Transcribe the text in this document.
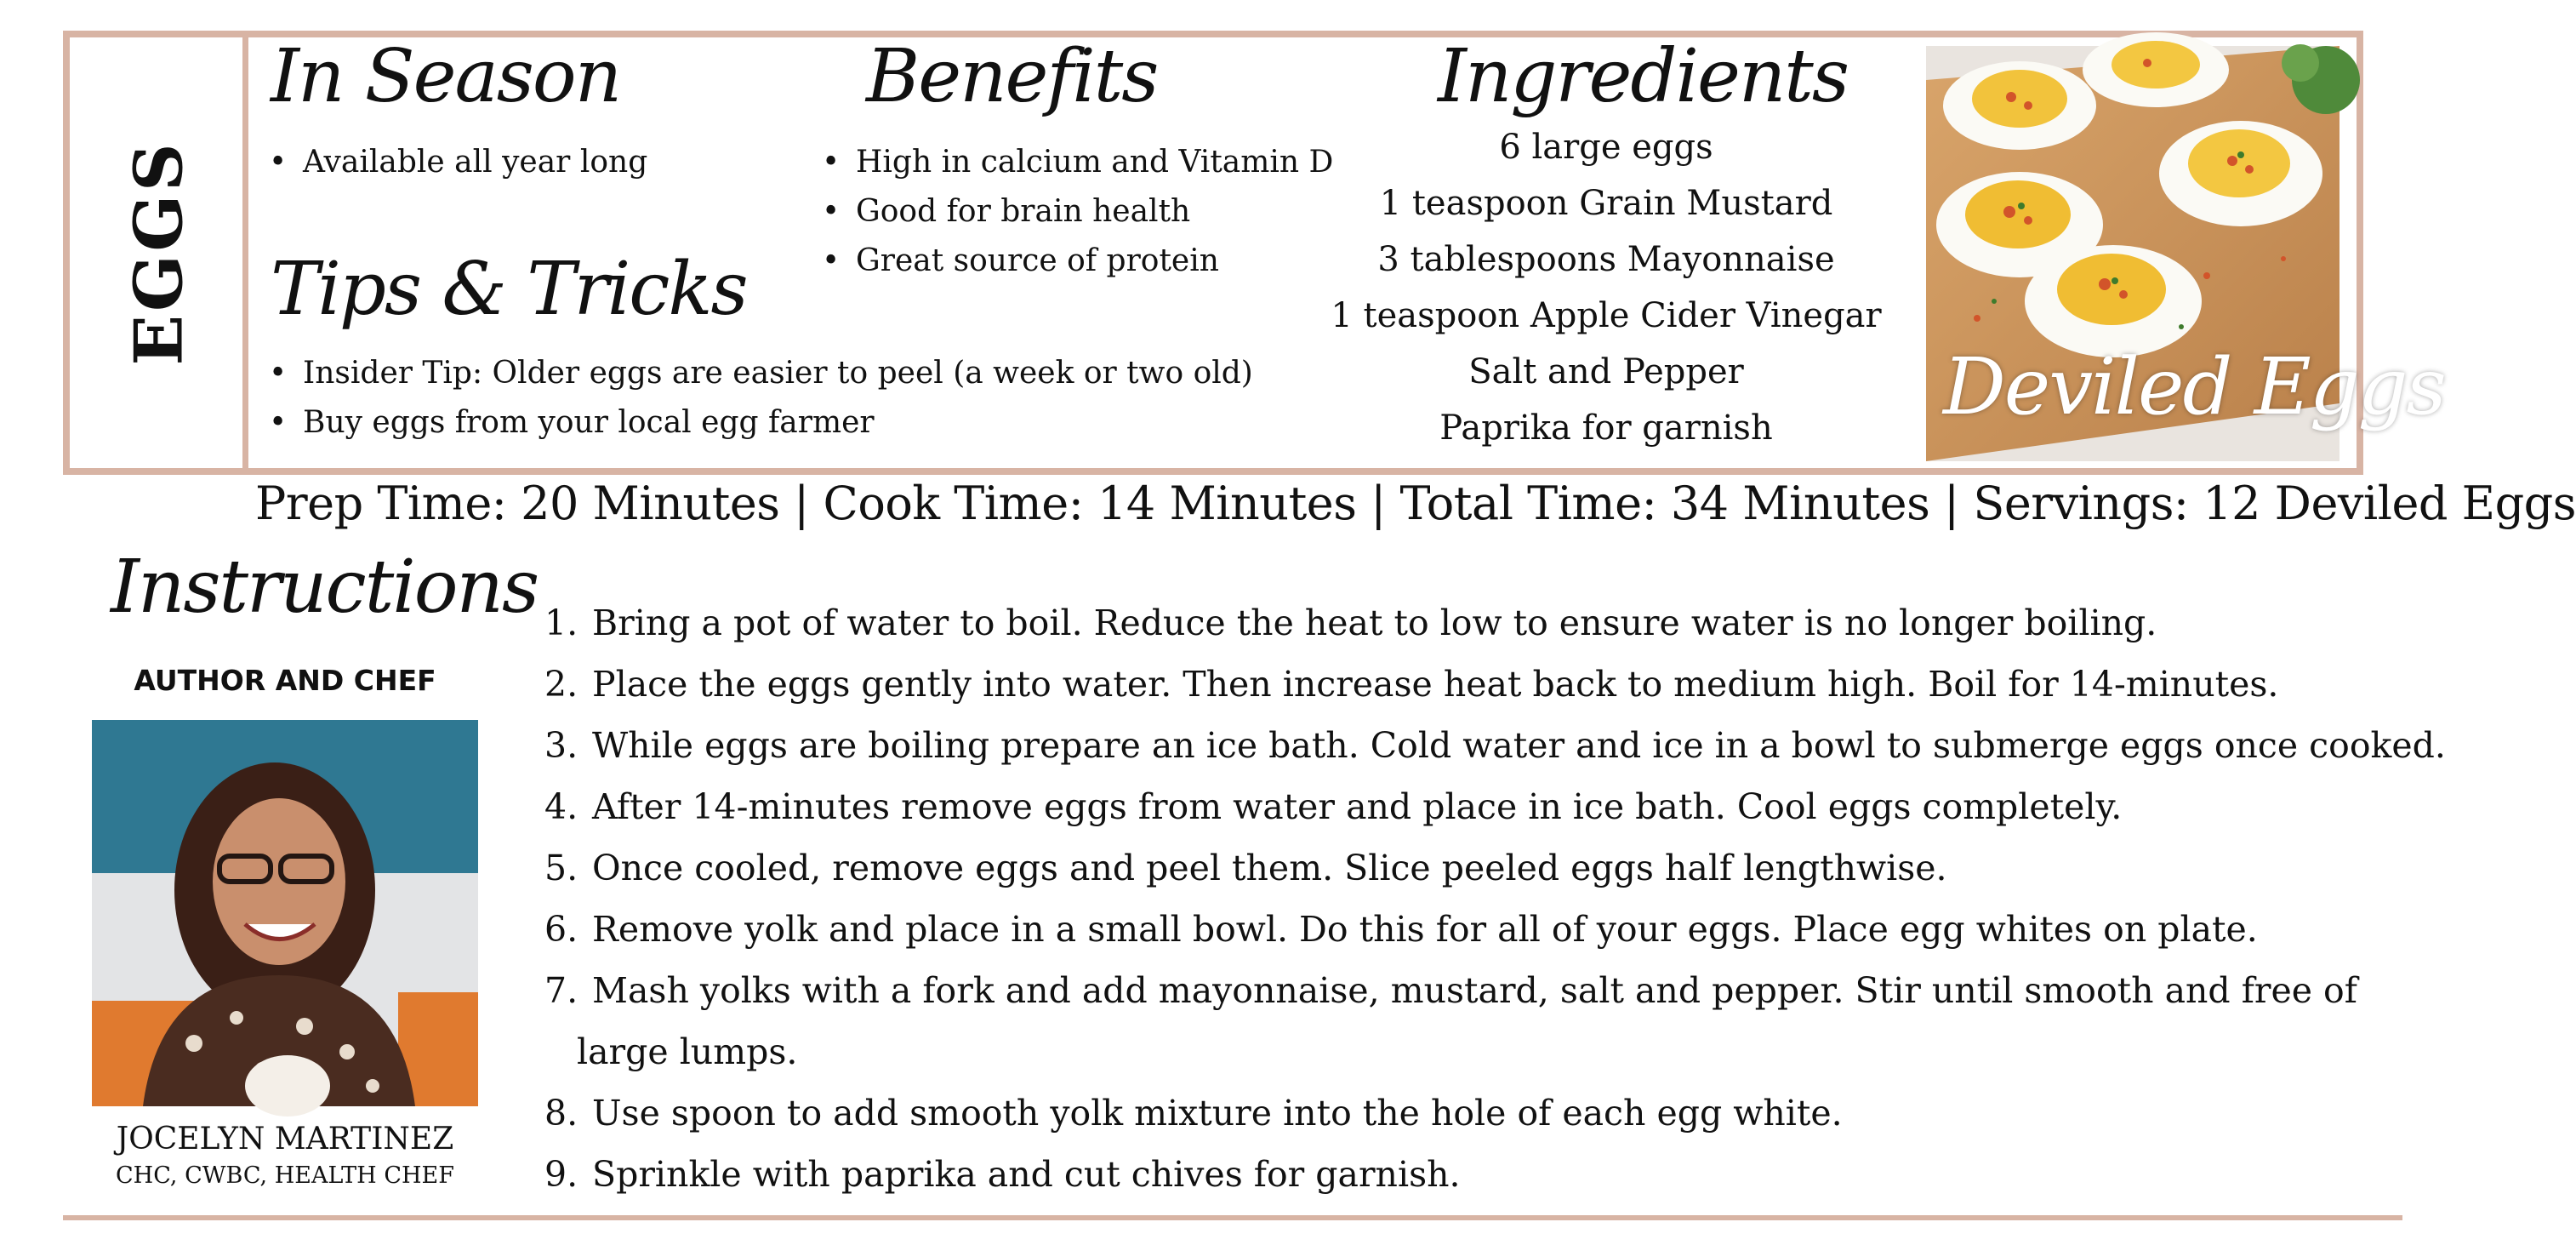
EGGS
In Season
• Available all year long
Benefits
• High in calcium and Vitamin D
• Good for brain health
• Great source of protein
Tips & Tricks
• Insider Tip: Older eggs are easier to peel (a week or two old)
• Buy eggs from your local egg farmer
Ingredients
6 large eggs
1 teaspoon Grain Mustard
3 tablespoons Mayonnaise
1 teaspoon Apple Cider Vinegar
Salt and Pepper
Paprika for garnish	Deviled Eggs
Prep Time: 20 Minutes | Cook Time: 14 Minutes | Total Time: 34 Minutes | Servings: 12 Deviled Eggs
Instructions
AUTHOR AND CHEF
JOCELYN MARTINEZ
CHC, CWBC, HEALTH CHEF
1. Bring a pot of water to boil. Reduce the heat to low to ensure water is no longer boiling.
2. Place the eggs gently into water. Then increase heat back to medium high. Boil for 14-minutes.
3. While eggs are boiling prepare an ice bath. Cold water and ice in a bowl to submerge eggs once cooked.
4. After 14-minutes remove eggs from water and place in ice bath. Cool eggs completely.
5. Once cooled, remove eggs and peel them. Slice peeled eggs half lengthwise.
6. Remove yolk and place in a small bowl. Do this for all of your eggs. Place egg whites on plate.
7. Mash yolks with a fork and add mayonnaise, mustard, salt and pepper. Stir until smooth and free of
large lumps.
8. Use spoon to add smooth yolk mixture into the hole of each egg white.
9. Sprinkle with paprika and cut chives for garnish.
